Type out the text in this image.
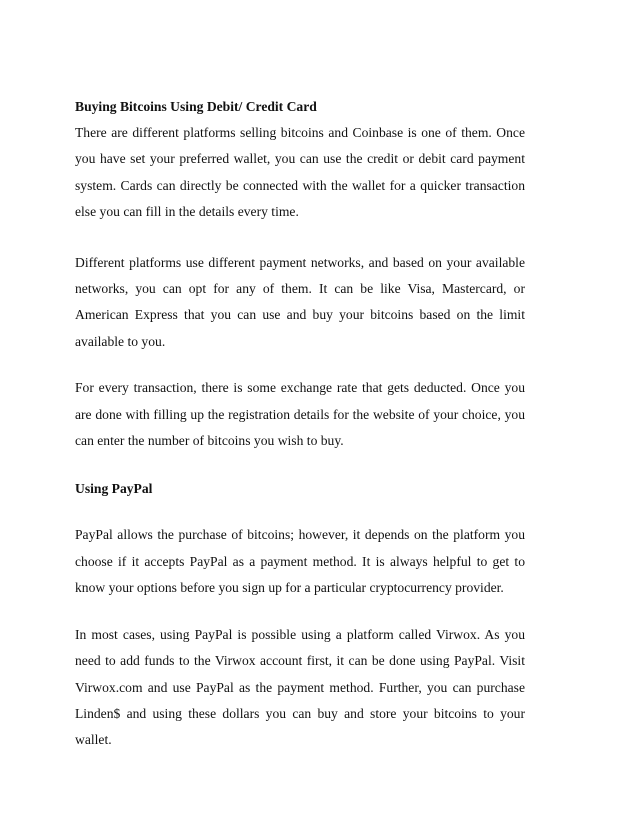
Buying Bitcoins Using Debit/ Credit Card

There are different platforms selling bitcoins and Coinbase is one of them. Once you have set your preferred wallet, you can use the credit or debit card payment system. Cards can directly be connected with the wallet for a quicker transaction else you can fill in the details every time.

Different platforms use different payment networks, and based on your available networks, you can opt for any of them. It can be like Visa, Mastercard, or American Express that you can use and buy your bitcoins based on the limit available to you.

For every transaction, there is some exchange rate that gets deducted. Once you are done with filling up the registration details for the website of your choice, you can enter the number of bitcoins you wish to buy.

Using PayPal

PayPal allows the purchase of bitcoins; however, it depends on the platform you choose if it accepts PayPal as a payment method. It is always helpful to get to know your options before you sign up for a particular cryptocurrency provider.

In most cases, using PayPal is possible using a platform called Virwox. As you need to add funds to the Virwox account first, it can be done using PayPal. Visit Virwox.com and use PayPal as the payment method. Further, you can purchase Linden$ and using these dollars you can buy and store your bitcoins to your wallet.
